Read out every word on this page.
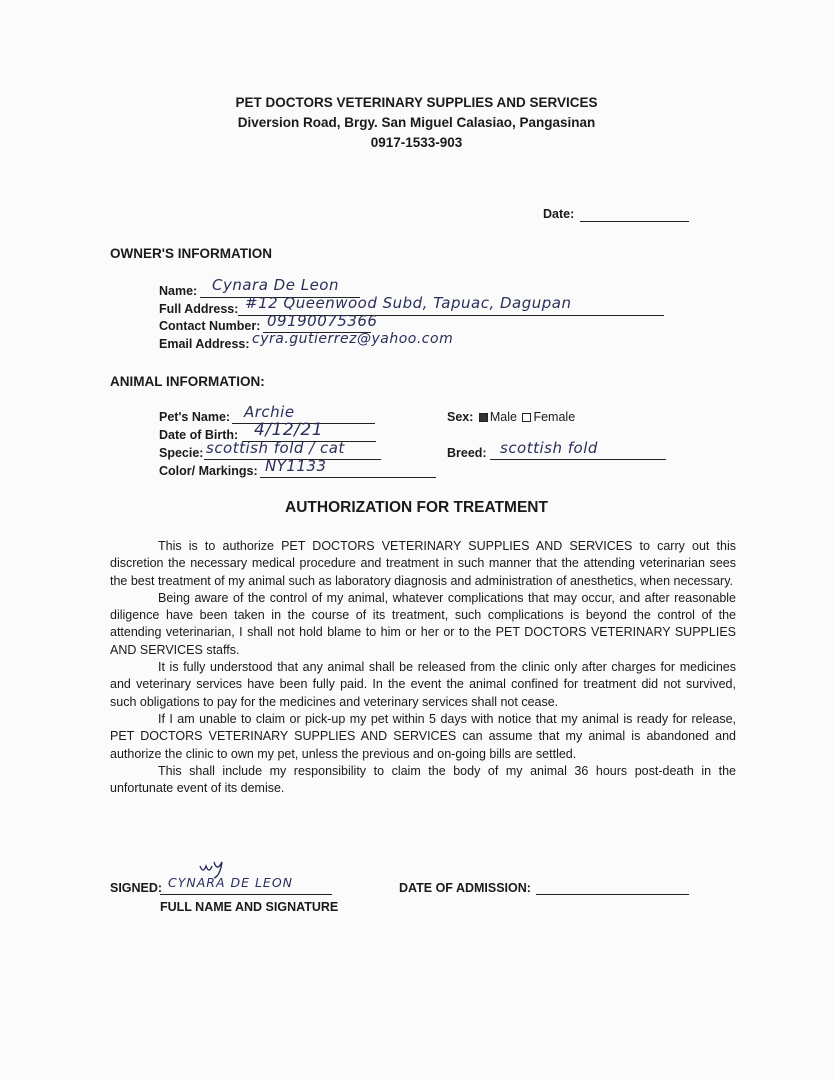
PET DOCTORS VETERINARY SUPPLIES AND SERVICES
Diversion Road, Brgy. San Miguel Calasiao, Pangasinan
0917-1533-903
Date:
OWNER'S INFORMATION
Name: Cynara De Leon
Full Address: #12 Queenwood Subd, Tapuac, Dagupan
Contact Number: 09190075366
Email Address: cyra.gutierrez@yahoo.com
ANIMAL INFORMATION:
Pet's Name: Archie
Date of Birth: 4/12/21
Specie: scottish fold / cat
Color/ Markings: NY1133
Sex: Male Female
Breed: scottish fold
AUTHORIZATION FOR TREATMENT

This is to authorize PET DOCTORS VETERINARY SUPPLIES AND SERVICES to carry out this discretion the necessary medical procedure and treatment in such manner that the attending veterinarian sees the best treatment of my animal such as laboratory diagnosis and administration of anesthetics, when necessary.

Being aware of the control of my animal, whatever complications that may occur, and after reasonable diligence have been taken in the course of its treatment, such complications is beyond the control of the attending veterinarian, I shall not hold blame to him or her or to the PET DOCTORS VETERINARY SUPPLIES AND SERVICES staffs.

It is fully understood that any animal shall be released from the clinic only after charges for medicines and veterinary services have been fully paid. In the event the animal confined for treatment did not survived, such obligations to pay for the medicines and veterinary services shall not cease.

If I am unable to claim or pick-up my pet within 5 days with notice that my animal is ready for release, PET DOCTORS VETERINARY SUPPLIES AND SERVICES can assume that my animal is abandoned and authorize the clinic to own my pet, unless the previous and on-going bills are settled.

This shall include my responsibility to claim the body of my animal 36 hours post-death in the unfortunate event of its demise.

SIGNED: CYNARA DE LEON
FULL NAME AND SIGNATURE
DATE OF ADMISSION:
